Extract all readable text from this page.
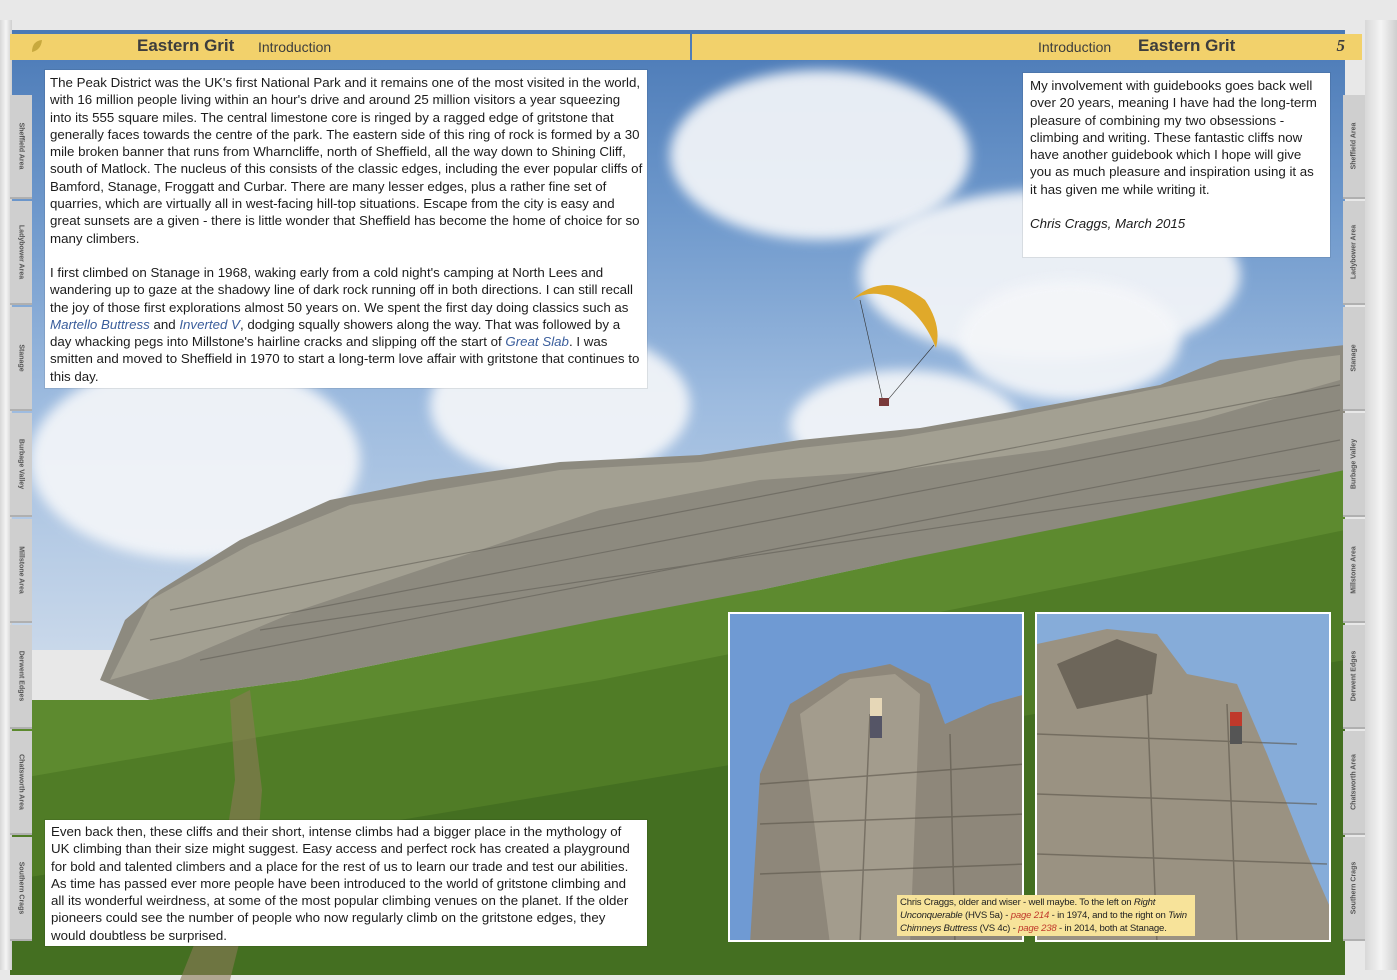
Eastern Grit Introduction	Introduction Eastern Grit	5
Sheffield Area
Ladybower Area
Stanage
Burbage Valley
Millstone Area
Derwent Edges
Chatsworth Area
Southern Crags
Sheffield Area
Ladybower Area
Stanage
Burbage Valley
Millstone Area
Derwent Edges
Chatsworth Area
Southern Crags

The Peak District was the UK's first National Park and it remains one of the most visited in the world, with 16 million people living within an hour's drive and around 25 million visitors a year squeezing into its 555 square miles. The central limestone core is ringed by a ragged edge of gritstone that generally faces towards the centre of the park. The eastern side of this ring of rock is formed by a 30 mile broken banner that runs from Wharncliffe, north of Sheffield, all the way down to Shining Cliff, south of Matlock. The nucleus of this consists of the classic edges, including the ever popular cliffs of Bamford, Stanage, Froggatt and Curbar. There are many lesser edges, plus a rather fine set of quarries, which are virtually all in west-facing hill-top situations. Escape from the city is easy and great sunsets are a given - there is little wonder that Sheffield has become the home of choice for so many climbers.

I first climbed on Stanage in 1968, waking early from a cold night's camping at North Lees and wandering up to gaze at the shadowy line of dark rock running off in both directions. I can still recall the joy of those first explorations almost 50 years on. We spent the first day doing classics such as Martello Buttress and Inverted V, dodging squally showers along the way. That was followed by a day whacking pegs into Millstone's hairline cracks and slipping off the start of Great Slab. I was smitten and moved to Sheffield in 1970 to start a long-term love affair with gritstone that continues to this day.

My involvement with guidebooks goes back well over 20 years, meaning I have had the long-term pleasure of combining my two obsessions - climbing and writing. These fantastic cliffs now have another guidebook which I hope will give you as much pleasure and inspiration using it as it has given me while writing it.

Chris Craggs, March 2015

Even back then, these cliffs and their short, intense climbs had a bigger place in the mythology of UK climbing than their size might suggest. Easy access and perfect rock has created a playground for bold and talented climbers and a place for the rest of us to learn our trade and test our abilities. As time has passed ever more people have been introduced to the world of gritstone climbing and all its wonderful weirdness, at some of the most popular climbing venues on the planet. If the older pioneers could see the number of people who now regularly climb on the gritstone edges, they would doubtless be surprised.

Chris Craggs, older and wiser - well maybe. To the left on Right Unconquerable (HVS 5a) - page 214 - in 1974, and to the right on Twin Chimneys Buttress (VS 4c) - page 238 - in 2014, both at Stanage.
